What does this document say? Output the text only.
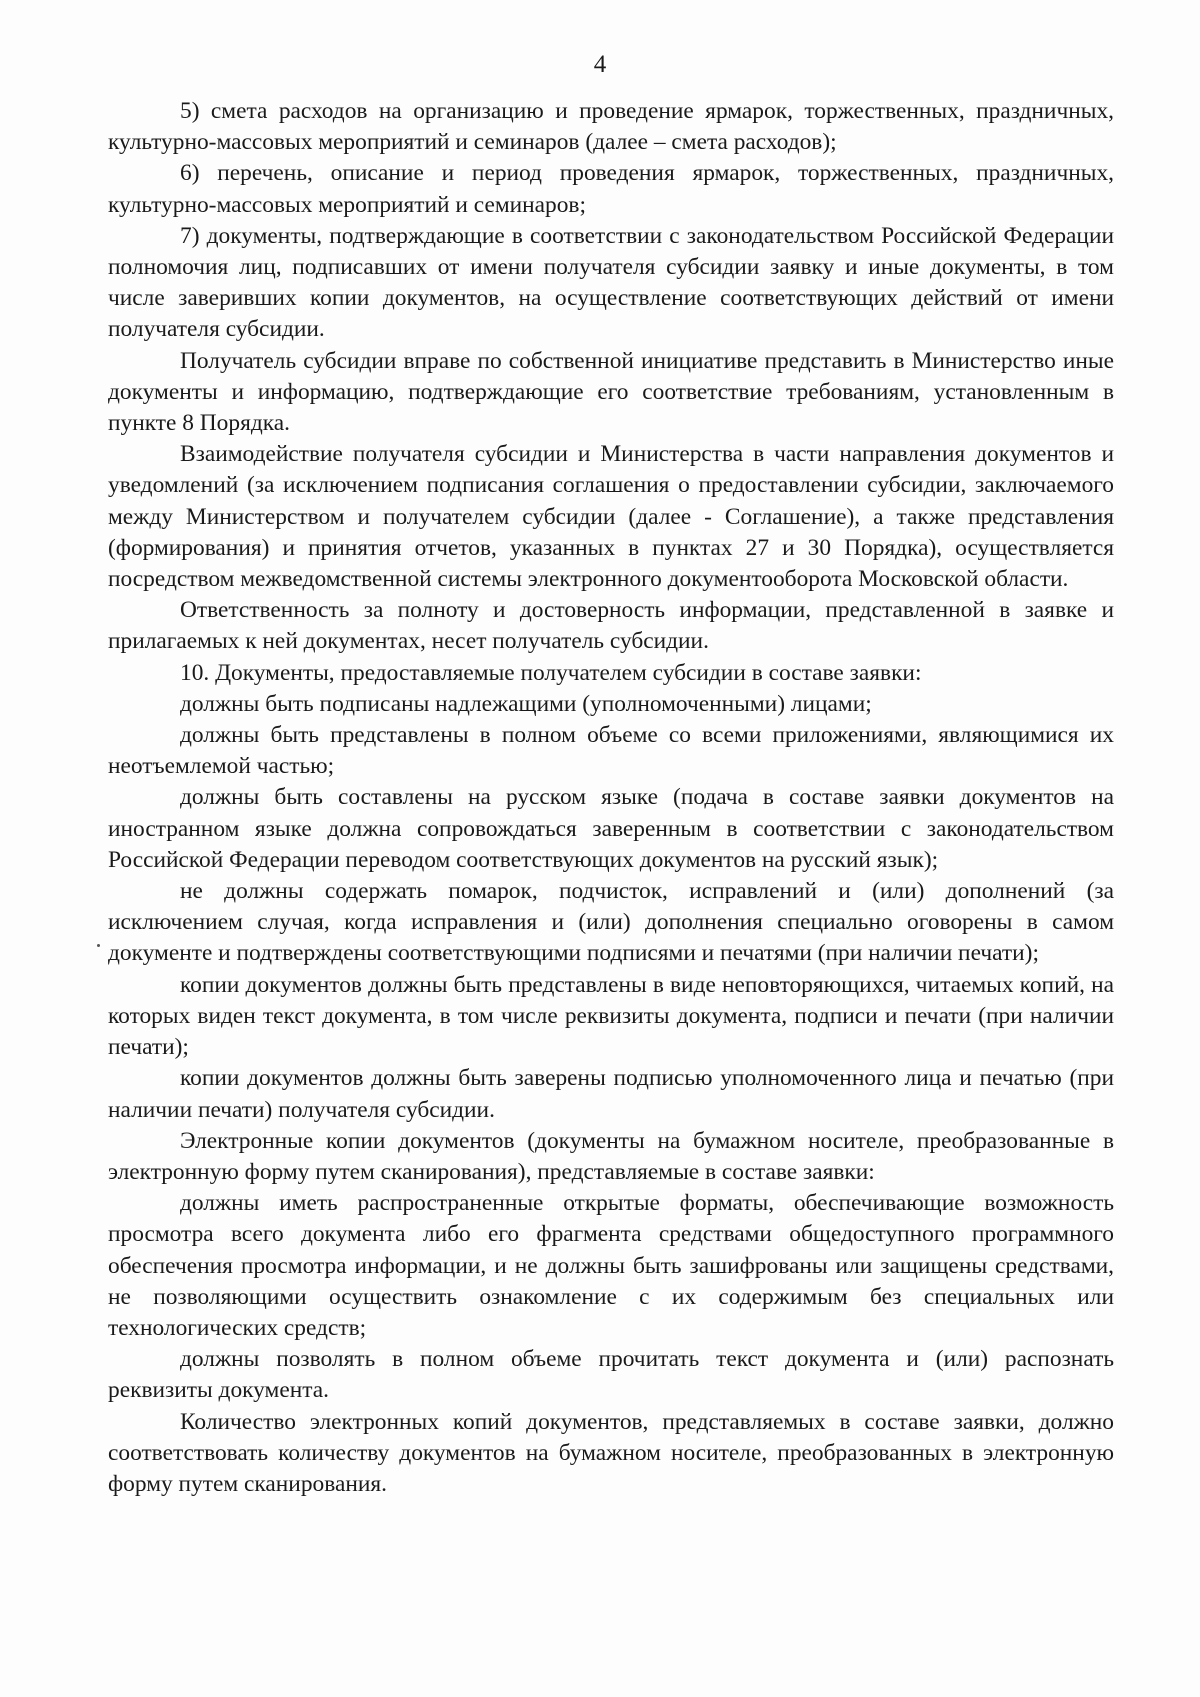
4

5) смета расходов на организацию и проведение ярмарок, торжественных, праздничных, культурно-массовых мероприятий и семинаров (далее – смета расходов);

6) перечень, описание и период проведения ярмарок, торжественных, праздничных, культурно-массовых мероприятий и семинаров;

7) документы, подтверждающие в соответствии с законодательством Российской Федерации полномочия лиц, подписавших от имени получателя субсидии заявку и иные документы, в том числе заверивших копии документов, на осуществление соответствующих действий от имени получателя субсидии.

Получатель субсидии вправе по собственной инициативе представить в Министерство иные документы и информацию, подтверждающие его соответствие требованиям, установленным в пункте 8 Порядка.

Взаимодействие получателя субсидии и Министерства в части направления документов и уведомлений (за исключением подписания соглашения о предоставлении субсидии, заключаемого между Министерством и получателем субсидии (далее - Соглашение), а также представления (формирования) и принятия отчетов, указанных в пунктах 27 и 30 Порядка), осуществляется посредством межведомственной системы электронного документооборота Московской области.

Ответственность за полноту и достоверность информации, представленной в заявке и прилагаемых к ней документах, несет получатель субсидии.

10. Документы, предоставляемые получателем субсидии в составе заявки:

должны быть подписаны надлежащими (уполномоченными) лицами;

должны быть представлены в полном объеме со всеми приложениями, являющимися их неотъемлемой частью;

должны быть составлены на русском языке (подача в составе заявки документов на иностранном языке должна сопровождаться заверенным в соответствии с законодательством Российской Федерации переводом соответствующих документов на русский язык);

не должны содержать помарок, подчисток, исправлений и (или) дополнений (за исключением случая, когда исправления и (или) дополнения специально оговорены в самом документе и подтверждены соответствующими подписями и печатями (при наличии печати);

копии документов должны быть представлены в виде неповторяющихся, читаемых копий, на которых виден текст документа, в том числе реквизиты документа, подписи и печати (при наличии печати);

копии документов должны быть заверены подписью уполномоченного лица и печатью (при наличии печати) получателя субсидии.

Электронные копии документов (документы на бумажном носителе, преобразованные в электронную форму путем сканирования), представляемые в составе заявки:

должны иметь распространенные открытые форматы, обеспечивающие возможность просмотра всего документа либо его фрагмента средствами общедоступного программного обеспечения просмотра информации, и не должны быть зашифрованы или защищены средствами, не позволяющими осуществить ознакомление с их содержимым без специальных или технологических средств;

должны позволять в полном объеме прочитать текст документа и (или) распознать реквизиты документа.

Количество электронных копий документов, представляемых в составе заявки, должно соответствовать количеству документов на бумажном носителе, преобразованных в электронную форму путем сканирования.
